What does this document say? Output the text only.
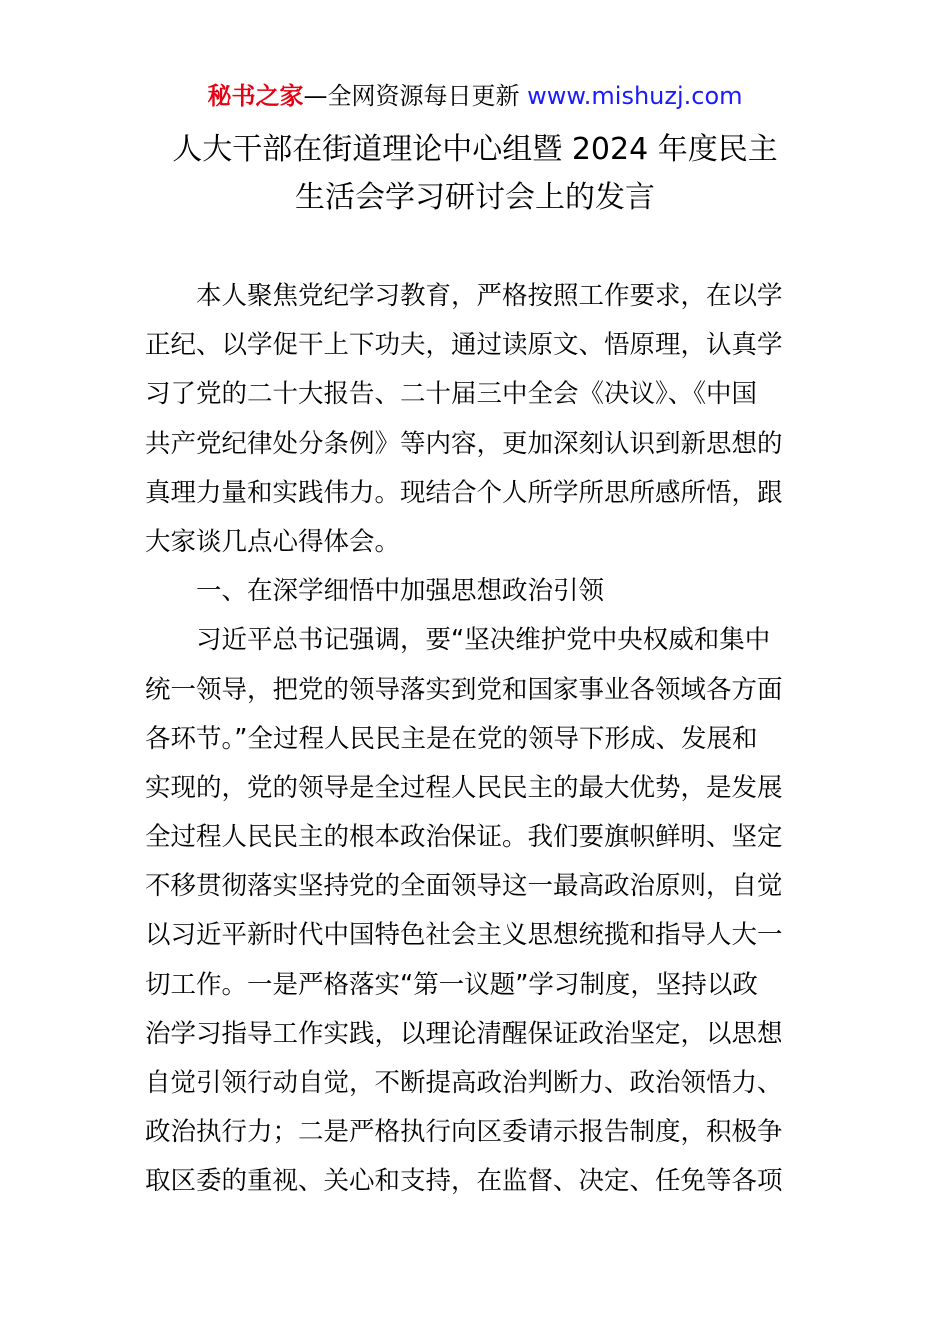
秘书之家—全网资源每日更新 www.mishuzj.com
人大干部在街道理论中心组暨 2024 年度民主
生活会学习研讨会上的发言
本人聚焦党纪学习教育，严格按照工作要求，在以学
正纪、以学促干上下功夫，通过读原文、悟原理，认真学
习了党的二十大报告、二十届三中全会《决议》、《中国
共产党纪律处分条例》等内容，更加深刻认识到新思想的
真理力量和实践伟力。现结合个人所学所思所感所悟，跟
大家谈几点心得体会。
一、在深学细悟中加强思想政治引领
习近平总书记强调，要“坚决维护党中央权威和集中
统一领导，把党的领导落实到党和国家事业各领域各方面
各环节。”全过程人民民主是在党的领导下形成、发展和
实现的，党的领导是全过程人民民主的最大优势，是发展
全过程人民民主的根本政治保证。我们要旗帜鲜明、坚定
不移贯彻落实坚持党的全面领导这一最高政治原则，自觉
以习近平新时代中国特色社会主义思想统揽和指导人大一
切工作。一是严格落实“第一议题”学习制度，坚持以政
治学习指导工作实践，以理论清醒保证政治坚定，以思想
自觉引领行动自觉，不断提高政治判断力、政治领悟力、
政治执行力；二是严格执行向区委请示报告制度，积极争
取区委的重视、关心和支持，在监督、决定、任免等各项
